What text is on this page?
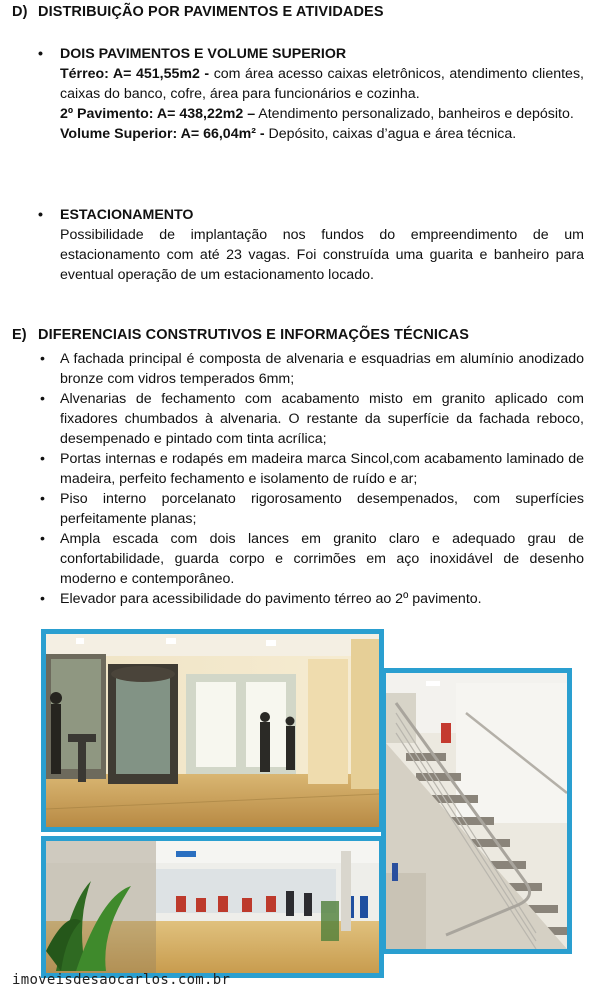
D) DISTRIBUIÇÃO POR PAVIMENTOS E ATIVIDADES
• DOIS PAVIMENTOS E VOLUME SUPERIOR
Térreo: A= 451,55m2 - com área acesso caixas eletrônicos, atendimento clientes, caixas do banco, cofre, área para funcionários e cozinha.
2º Pavimento: A= 438,22m2 – Atendimento personalizado, banheiros e depósito.
Volume Superior: A= 66,04m² - Depósito, caixas d’agua e área técnica.
• ESTACIONAMENTO
Possibilidade de implantação nos fundos do empreendimento de um estacionamento com até 23 vagas. Foi construída uma guarita e banheiro para eventual operação de um estacionamento locado.
E) DIFERENCIAIS CONSTRUTIVOS E INFORMAÇÕES TÉCNICAS
• A fachada principal é composta de alvenaria e esquadrias em alumínio anodizado bronze com vidros temperados 6mm;
• Alvenarias de fechamento com acabamento misto em granito aplicado com fixadores chumbados à alvenaria. O restante da superfície da fachada reboco, desempenado e pintado com tinta acrílica;
• Portas internas e rodapés em madeira marca Sincol,com acabamento laminado de madeira, perfeito fechamento e isolamento de ruído e ar;
• Piso interno porcelanato rigorosamento desempenados, com superfícies perfeitamente planas;
• Ampla escada com dois lances em granito claro e adequado grau de confortabilidade, guarda corpo e corrimões em aço inoxidável de desenho moderno e contemporâneo.
• Elevador para acessibilidade do pavimento térreo ao 2º pavimento.
imoveisdesaocarlos.com.br
